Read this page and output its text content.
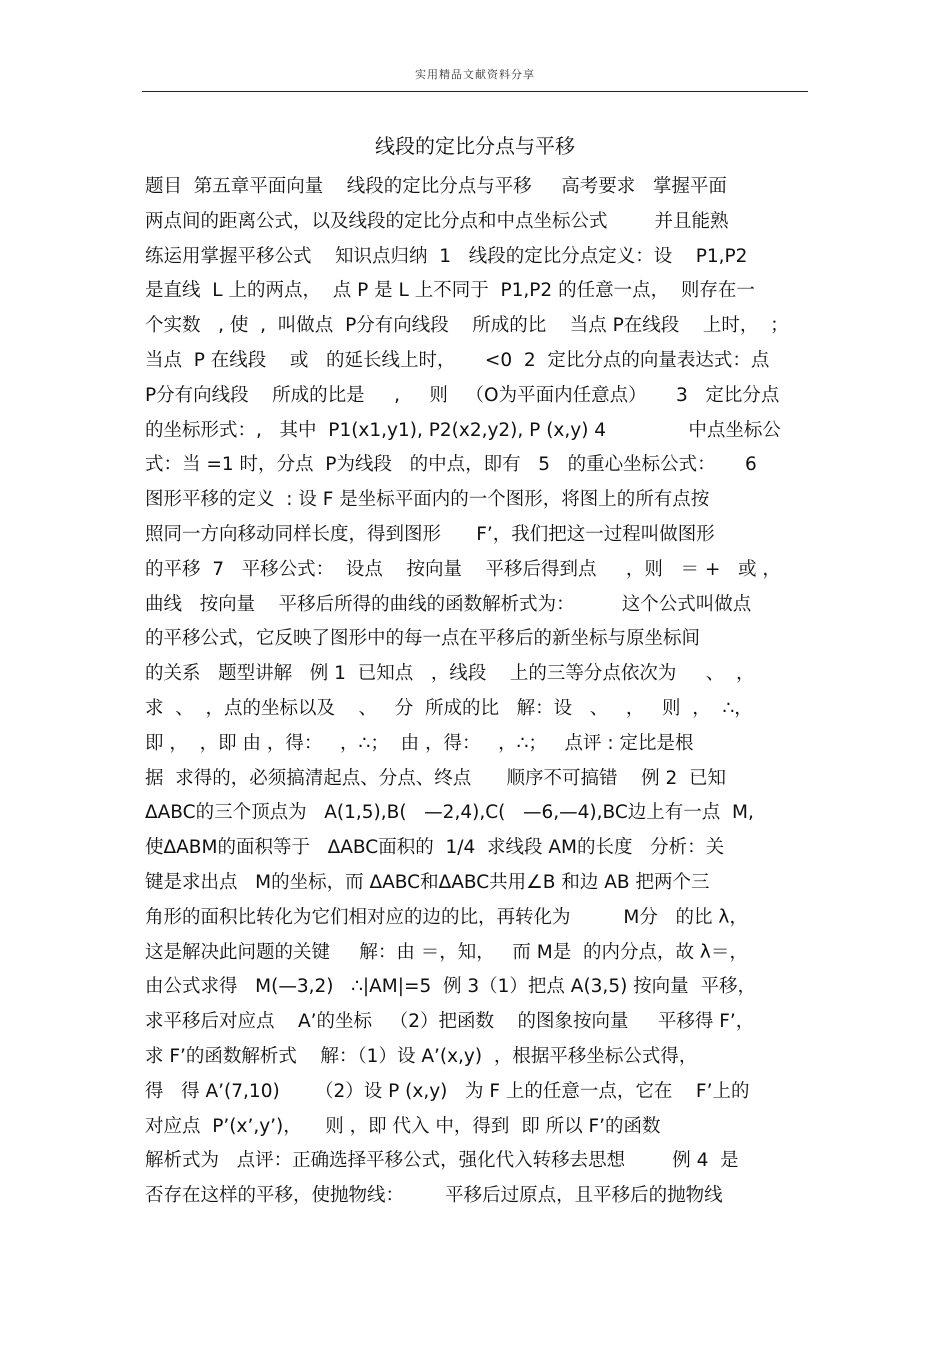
实用精品文献资料分享
线段的定比分点与平移
题目  第五章平面向量    线段的定比分点与平移     高考要求   掌握平面
两点间的距离公式，以及线段的定比分点和中点坐标公式        并且能熟
练运用掌握平移公式    知识点归纳  1   线段的定比分点定义：设    P1,P2
是直线  L 上的两点，  点 P 是 L 上不同于  P1,P2 的任意一点，  则存在一
个实数   , 使  ,  叫做点  P分有向线段    所成的比    当点 P在线段    上时，  ；
当点  P 在线段    或   的延长线上时，     <0  2  定比分点的向量表达式：点
P分有向线段    所成的比是     ,     则   （O为平面内任意点）     3   定比分点
的坐标形式：,   其中  P1(x1,y1), P2(x2,y2), P (x,y) 4              中点坐标公
式：当 =1 时，分点  P为线段   的中点，即有   5   的重心坐标公式：     6
图形平移的定义  : 设 F 是坐标平面内的一个图形，将图上的所有点按
照同一方向移动同样长度，得到图形      F’，我们把这一过程叫做图形
的平移  7   平移公式：  设点    按向量    平移后得到点     ，则   ＝ +   或 ，
曲线   按向量    平移后所得的曲线的函数解析式为：        这个公式叫做点
的平移公式，它反映了图形中的每一点在平移后的新坐标与原坐标间
的关系   题型讲解   例 1  已知点   ，线段    上的三等分点依次为     、  ，
求  、  ，点的坐标以及    、   分  所成的比   解：设   、   ，   则  ，  ∴，
即 ，  ，即 由 ，得：   ，∴；  由 ，得：   ，∴；   点评 : 定比是根
据  求得的，必须搞清起点、分点、终点      顺序不可搞错    例 2  已知
ΔABC的三个顶点为   A(1,5),B(   —2,4),C(   —6,—4),BC边上有一点  M,
使ΔABM的面积等于   ΔABC面积的  1/4  求线段 AM的长度   分析：关
键是求出点   M的坐标，而 ΔABC和ΔABC共用∠B 和边 AB 把两个三
角形的面积比转化为它们相对应的边的比，再转化为         M分   的比 λ，
这是解决此问题的关键     解：由 ＝，知，   而 M是  的内分点，故 λ＝，
由公式求得   M(—3,2)   ∴|AM|=5  例 3（1）把点 A(3,5) 按向量  平移，
求平移后对应点    A’的坐标   （2）把函数    的图象按向量     平移得 F’，
求 F’的函数解析式    解：（1）设 A’(x,y)  ，根据平移坐标公式得，
得   得 A’(7,10)      （2）设 P (x,y)   为 F 上的任意一点，它在    F’上的
对应点  P’(x’,y’)，    则 ，即 代入 中，得到  即 所以 F’的函数
解析式为   点评：正确选择平移公式，强化代入转移去思想        例 4  是
否存在这样的平移，使抛物线：       平移后过原点，且平移后的抛物线
